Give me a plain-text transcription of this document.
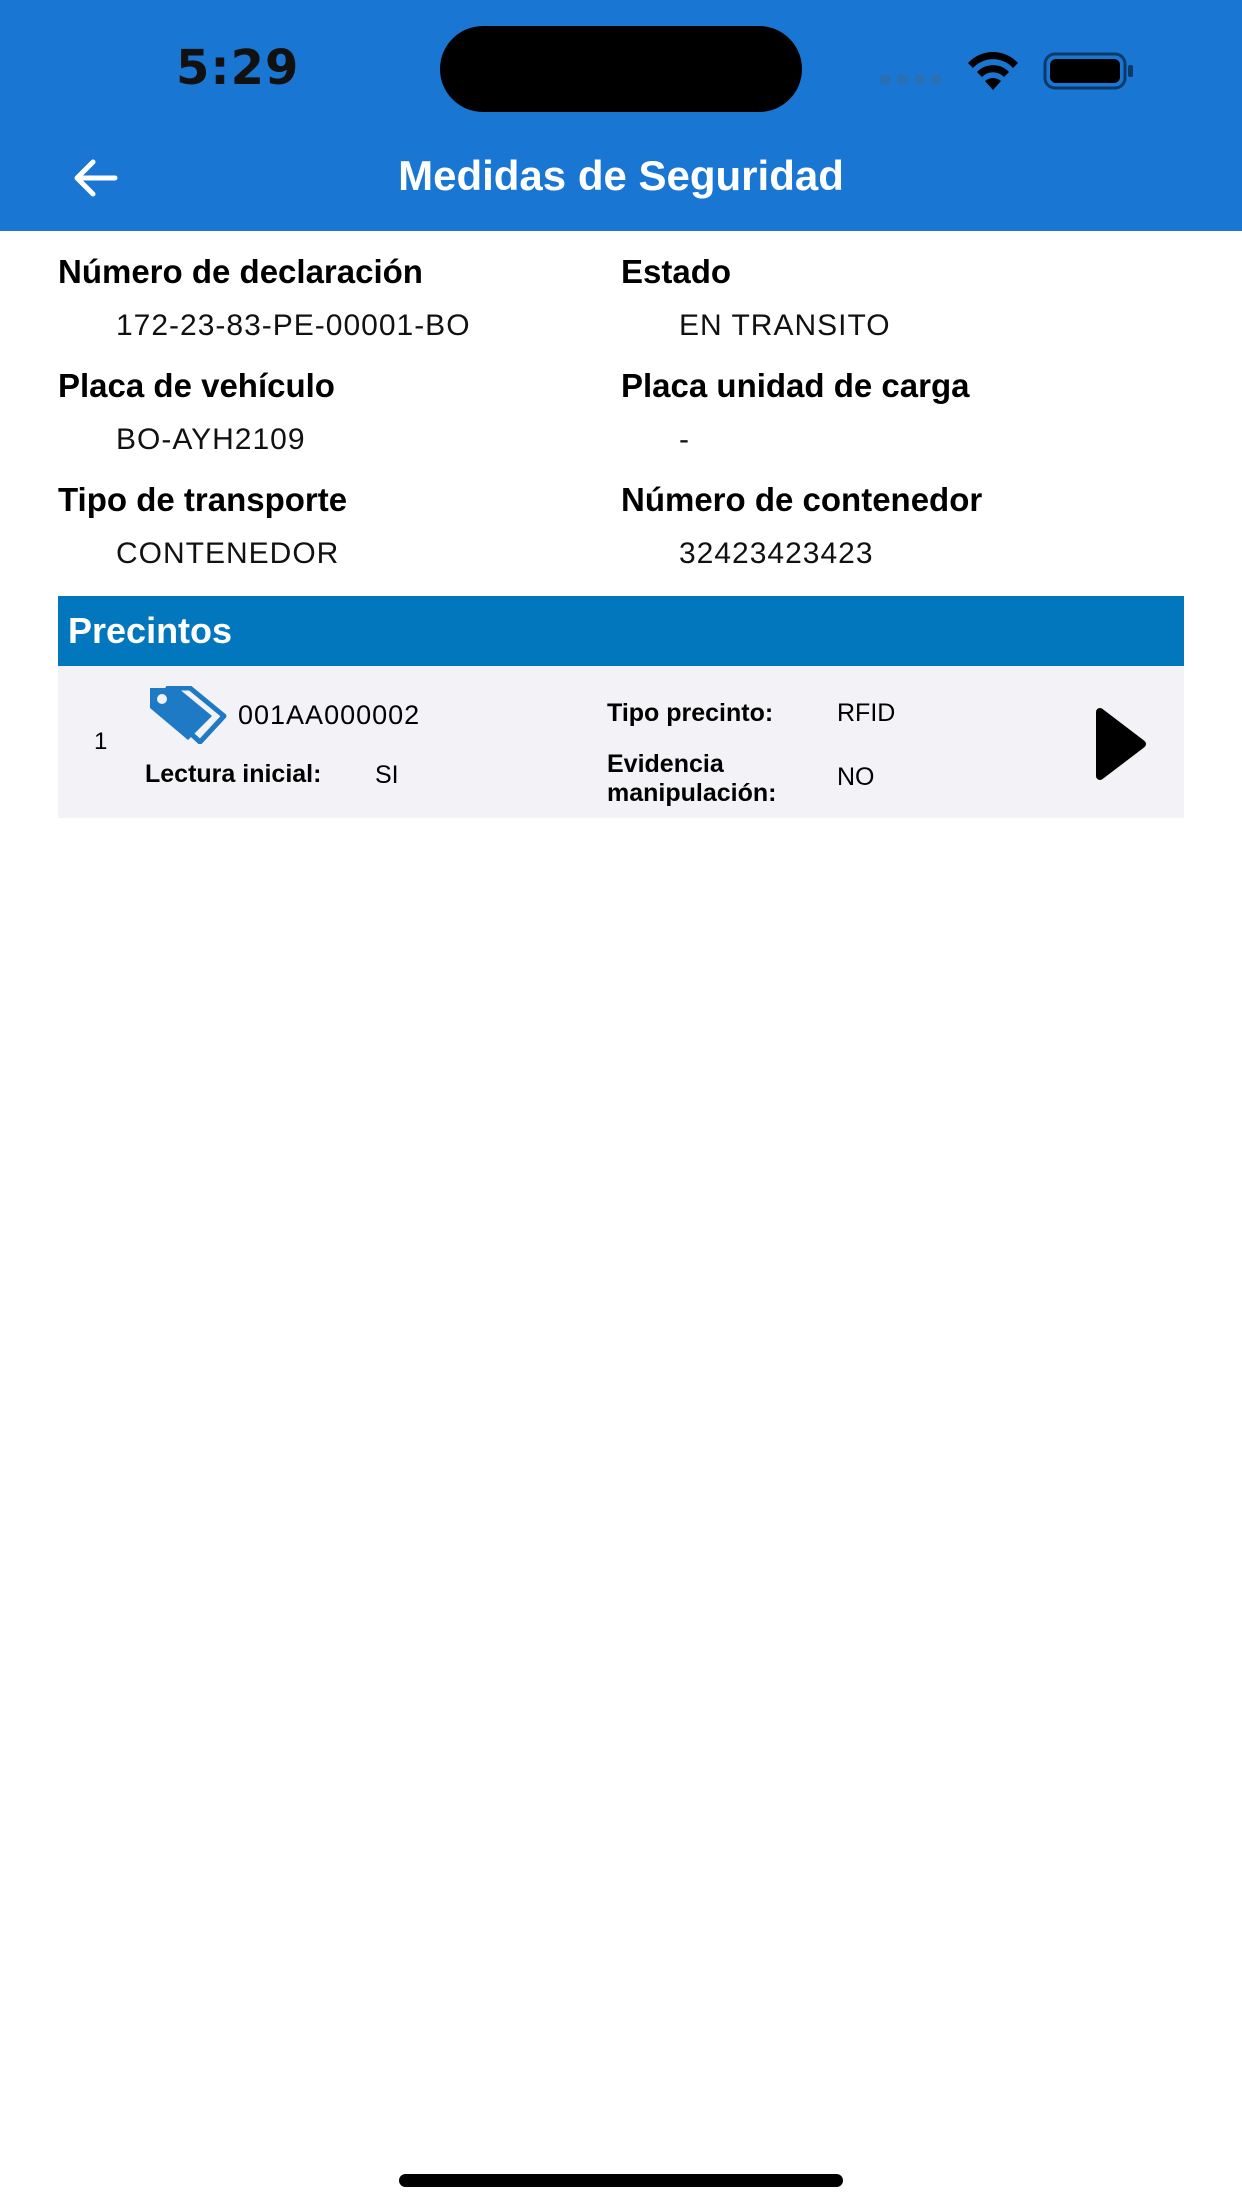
5:29
Medidas de Seguridad
Número de declaración
172-23-83-PE-00001-BO
Estado
EN TRANSITO
Placa de vehículo
BO-AYH2109
Placa unidad de carga
-
Tipo de transporte
CONTENEDOR
Número de contenedor
32423423423
Precintos
1
001AA000002
Lectura inicial: SI
Tipo precinto:	RFID
Evidencia
manipulación:
NO
